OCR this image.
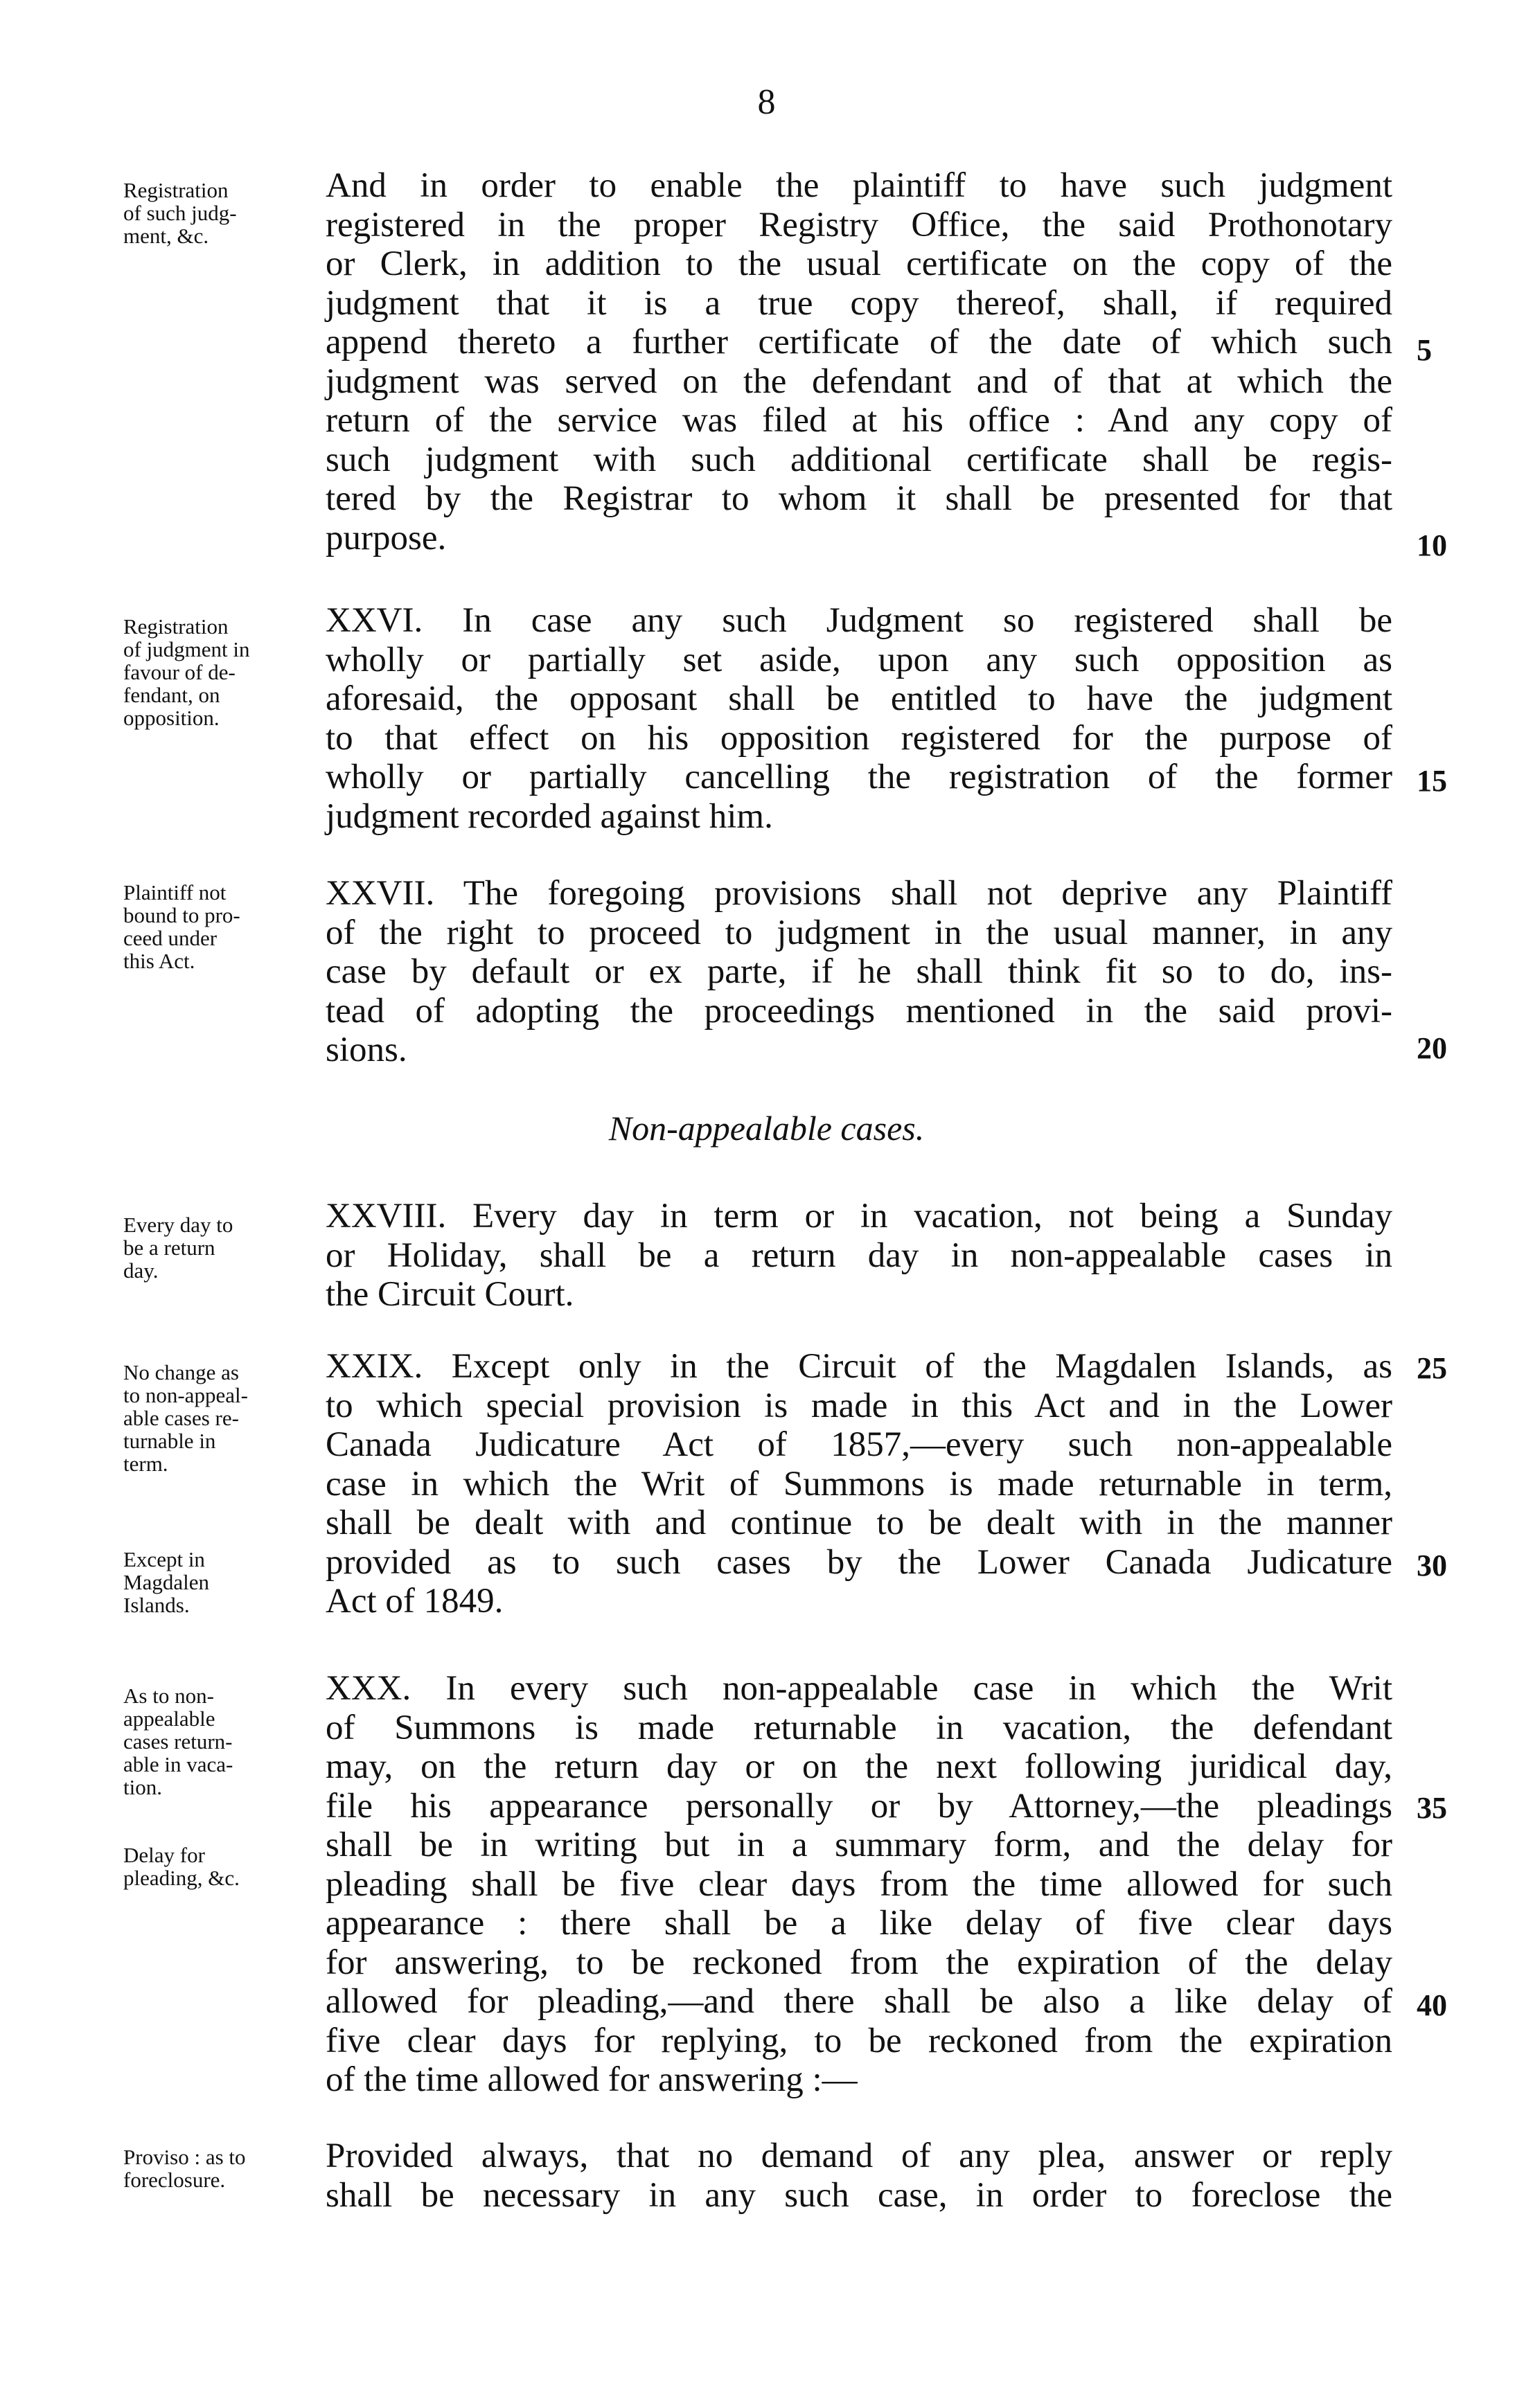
8
Registration
of such judg-
ment, &c.
And in order to enable the plaintiff to have such judgment
registered in the proper Registry Office, the said Prothonotary
or Clerk, in addition to the usual certificate on the copy of the
judgment that it is a true copy thereof, shall, if required
append thereto a further certificate of the date of which such
judgment was served on the defendant and of that at which the
return of the service was filed at his office : And any copy of
such judgment with such additional certificate shall be regis-
tered by the Registrar to whom it shall be presented for that
purpose.
Registration
of judgment in
favour of de-
fendant, on
opposition.
XXVI. In case any such Judgment so registered shall be
wholly or partially set aside, upon any such opposition as
aforesaid, the opposant shall be entitled to have the judgment
to that effect on his opposition registered for the purpose of
wholly or partially cancelling the registration of the former
judgment recorded against him.
Plaintiff not
bound to pro-
ceed under
this Act.
XXVII. The foregoing provisions shall not deprive any Plaintiff
of the right to proceed to judgment in the usual manner, in any
case by default or ex parte, if he shall think fit so to do, ins-
tead of adopting the proceedings mentioned in the said provi-
sions.
Non-appealable cases.
Every day to
be a return
day.
XXVIII. Every day in term or in vacation, not being a Sunday
or Holiday, shall be a return day in non-appealable cases in
the Circuit Court.
No change as
to non-appeal-
able cases re-
turnable in
term.
Except in
Magdalen
Islands.
XXIX. Except only in the Circuit of the Magdalen Islands, as
to which special provision is made in this Act and in the Lower
Canada Judicature Act of 1857,—every such non-appealable
case in which the Writ of Summons is made returnable in term,
shall be dealt with and continue to be dealt with in the manner
provided as to such cases by the Lower Canada Judicature
Act of 1849.
As to non-
appealable
cases return-
able in vaca-
tion.
Delay for
pleading, &c.
XXX. In every such non-appealable case in which the Writ
of Summons is made returnable in vacation, the defendant
may, on the return day or on the next following juridical day,
file his appearance personally or by Attorney,—the pleadings
shall be in writing but in a summary form, and the delay for
pleading shall be five clear days from the time allowed for such
appearance : there shall be a like delay of five clear days
for answering, to be reckoned from the expiration of the delay
allowed for pleading,—and there shall be also a like delay of
five clear days for replying, to be reckoned from the expiration
of the time allowed for answering :—
Proviso : as to
foreclosure.
Provided always, that no demand of any plea, answer or reply
shall be necessary in any such case, in order to foreclose the
5
10
15
20
25
30
35
40
